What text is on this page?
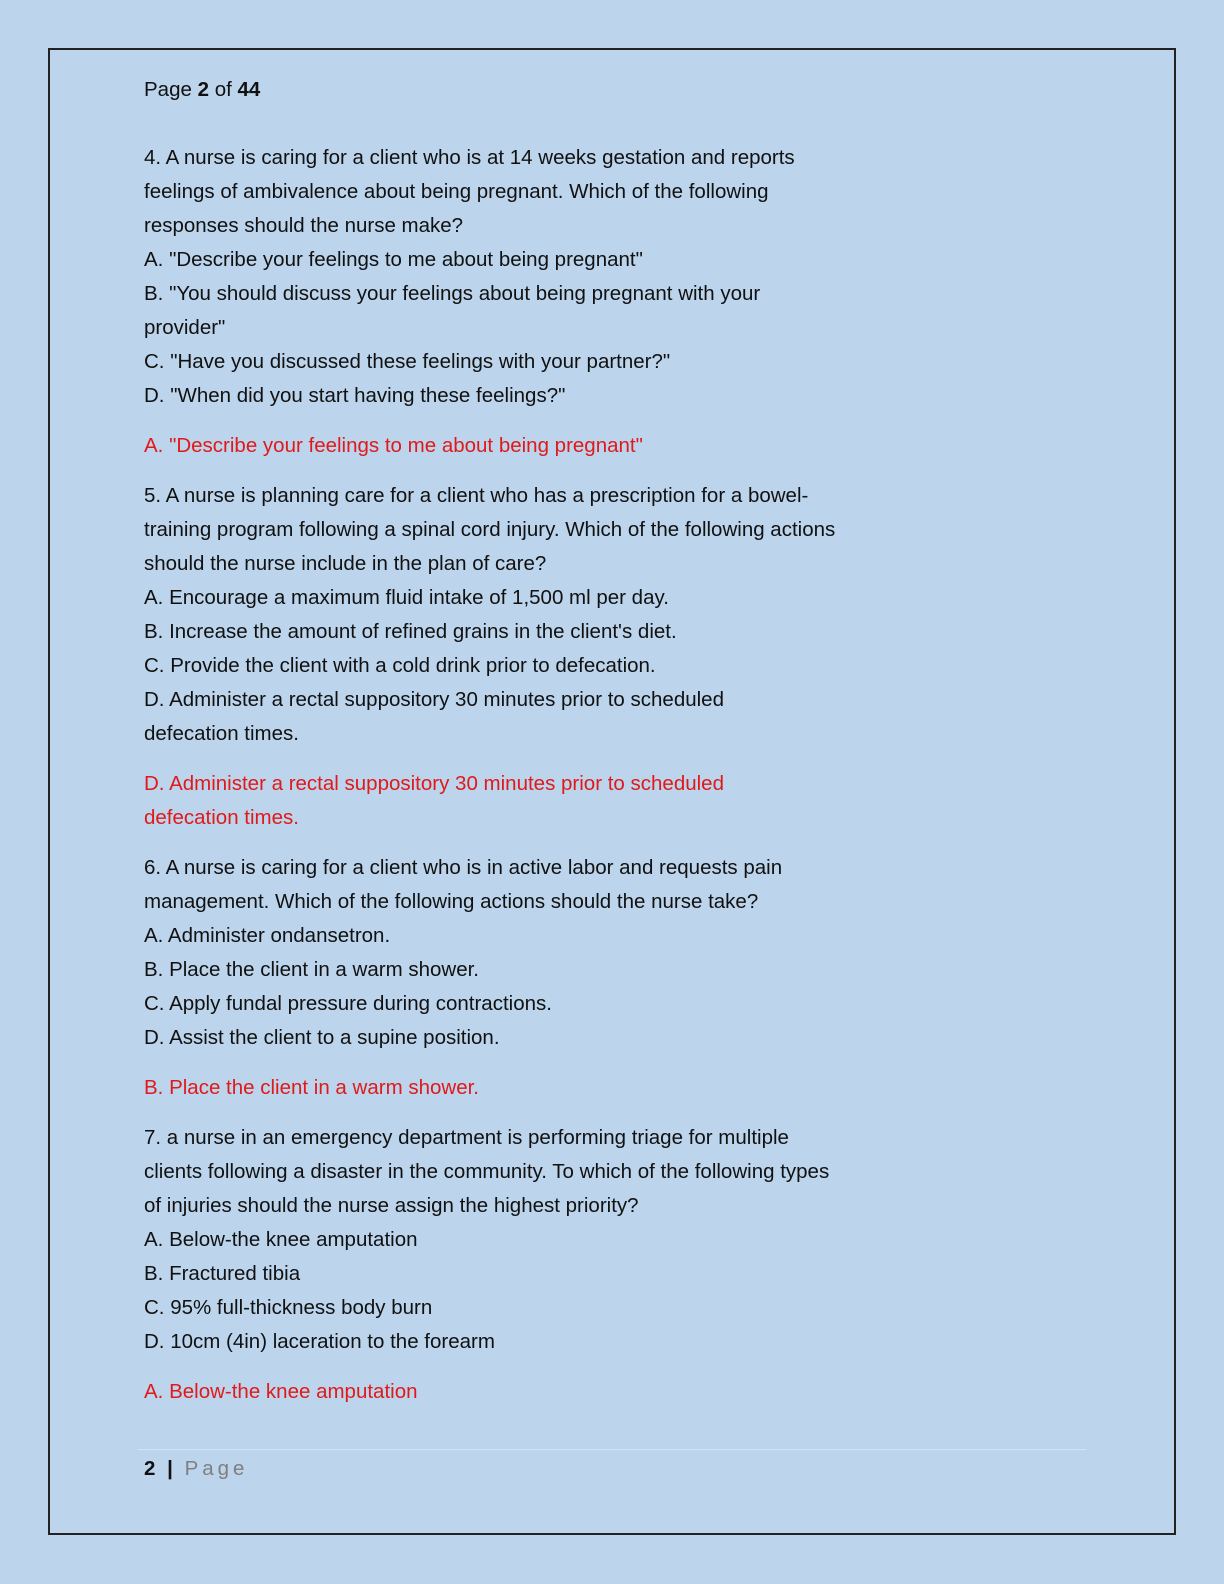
Page 2 of 44
4. A nurse is caring for a client who is at 14 weeks gestation and reports
feelings of ambivalence about being pregnant. Which of the following
responses should the nurse make?
A. "Describe your feelings to me about being pregnant"
B. "You should discuss your feelings about being pregnant with your
provider"
C. "Have you discussed these feelings with your partner?"
D. "When did you start having these feelings?"
A. "Describe your feelings to me about being pregnant"
5. A nurse is planning care for a client who has a prescription for a bowel-
training program following a spinal cord injury. Which of the following actions
should the nurse include in the plan of care?
A. Encourage a maximum fluid intake of 1,500 ml per day.
B. Increase the amount of refined grains in the client's diet.
C. Provide the client with a cold drink prior to defecation.
D. Administer a rectal suppository 30 minutes prior to scheduled
defecation times.
D. Administer a rectal suppository 30 minutes prior to scheduled
defecation times.
6. A nurse is caring for a client who is in active labor and requests pain
management. Which of the following actions should the nurse take?
A. Administer ondansetron.
B. Place the client in a warm shower.
C. Apply fundal pressure during contractions.
D. Assist the client to a supine position.
B. Place the client in a warm shower.
7. a nurse in an emergency department is performing triage for multiple
clients following a disaster in the community. To which of the following types
of injuries should the nurse assign the highest priority?
A. Below-the knee amputation
B. Fractured tibia
C. 95% full-thickness body burn
D. 10cm (4in) laceration to the forearm
A. Below-the knee amputation
2 | Page
